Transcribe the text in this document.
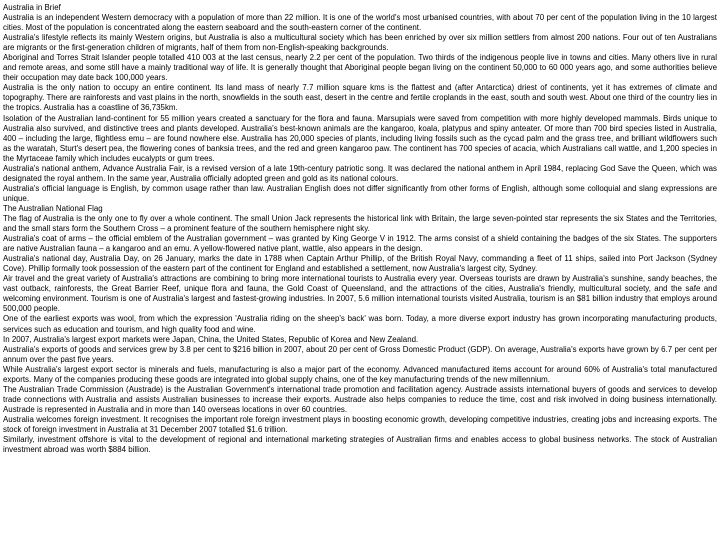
Australia in Brief

Australia is an independent Western democracy with a population of more than 22 million. It is one of the world's most urbanised countries, with about 70 per cent of the population living in the 10 largest cities. Most of the population is concentrated along the eastern seaboard and the south-eastern corner of the continent.

Australia's lifestyle reflects its mainly Western origins, but Australia is also a multicultural society which has been enriched by over six million settlers from almost 200 nations. Four out of ten Australians are migrants or the first-generation children of migrants, half of them from non-English-speaking backgrounds.

Aboriginal and Torres Strait Islander people totalled 410 003 at the last census, nearly 2.2 per cent of the population. Two thirds of the indigenous people live in towns and cities. Many others live in rural and remote areas, and some still have a mainly traditional way of life. It is generally thought that Aboriginal people began living on the continent 50,000 to 60 000 years ago, and some authorities believe their occupation may date back 100,000 years.

Australia is the only nation to occupy an entire continent. Its land mass of nearly 7.7 million square kms is the flattest and (after Antarctica) driest of continents, yet it has extremes of climate and topography. There are rainforests and vast plains in the north, snowfields in the south east, desert in the centre and fertile croplands in the east, south and south west. About one third of the country lies in the tropics. Australia has a coastline of 36,735km.

Isolation of the Australian land-continent for 55 million years created a sanctuary for the flora and fauna. Marsupials were saved from competition with more highly developed mammals. Birds unique to Australia also survived, and distinctive trees and plants developed. Australia's best-known animals are the kangaroo, koala, platypus and spiny anteater. Of more than 700 bird species listed in Australia, 400 – including the large, flightless emu – are found nowhere else. Australia has 20,000 species of plants, including living fossils such as the cycad palm and the grass tree, and brilliant wildflowers such as the waratah, Sturt's desert pea, the flowering cones of banksia trees, and the red and green kangaroo paw. The continent has 700 species of acacia, which Australians call wattle, and 1,200 species in the Myrtaceae family which includes eucalypts or gum trees.

Australia's national anthem, Advance Australia Fair, is a revised version of a late 19th-century patriotic song. It was declared the national anthem in April 1984, replacing God Save the Queen, which was designated the royal anthem. In the same year, Australia officially adopted green and gold as its national colours.

Australia's official language is English, by common usage rather than law. Australian English does not differ significantly from other forms of English, although some colloquial and slang expressions are unique.

The Australian National Flag

The flag of Australia is the only one to fly over a whole continent. The small Union Jack represents the historical link with Britain, the large seven-pointed star represents the six States and the Territories, and the small stars form the Southern Cross – a prominent feature of the southern hemisphere night sky.

Australia's coat of arms – the official emblem of the Australian government – was granted by King George V in 1912. The arms consist of a shield containing the badges of the six States. The supporters are native Australian fauna – a kangaroo and an emu. A yellow-flowered native plant, wattle, also appears in the design.

Australia's national day, Australia Day, on 26 January, marks the date in 1788 when Captain Arthur Phillip, of the British Royal Navy, commanding a fleet of 11 ships, sailed into Port Jackson (Sydney Cove). Phillip formally took possession of the eastern part of the continent for England and established a settlement, now Australia's largest city, Sydney.

Air travel and the great variety of Australia's attractions are combining to bring more international tourists to Australia every year. Overseas tourists are drawn by Australia's sunshine, sandy beaches, the vast outback, rainforests, the Great Barrier Reef, unique flora and fauna, the Gold Coast of Queensland, and the attractions of the cities, Australia's friendly, multicultural society, and the safe and welcoming environment. Tourism is one of Australia's largest and fastest-growing industries. In 2007, 5.6 million international tourists visited Australia, tourism is an $81 billion industry that employs around 500,000 people.

One of the earliest exports was wool, from which the expression 'Australia riding on the sheep's back' was born. Today, a more diverse export industry has grown incorporating manufacturing products, services such as education and tourism, and high quality food and wine.

In 2007, Australia's largest export markets were Japan, China, the United States, Republic of Korea and New Zealand.

Australia's exports of goods and services grew by 3.8 per cent to $216 billion in 2007, about 20 per cent of Gross Domestic Product (GDP). On average, Australia's exports have grown by 6.7 per cent per annum over the past five years.

While Australia's largest export sector is minerals and fuels, manufacturing is also a major part of the economy. Advanced manufactured items account for around 60% of Australia's total manufactured exports. Many of the companies producing these goods are integrated into global supply chains, one of the key manufacturing trends of the new millennium.

The Australian Trade Commission (Austrade) is the Australian Government's international trade promotion and facilitation agency. Austrade assists international buyers of goods and services to develop trade connections with Australia and assists Australian businesses to increase their exports. Austrade also helps companies to reduce the time, cost and risk involved in doing business internationally. Austrade is represented in Australia and in more than 140 overseas locations in over 60 countries.

Australia welcomes foreign investment. It recognises the important role foreign investment plays in boosting economic growth, developing competitive industries, creating jobs and increasing exports. The stock of foreign investment in Australia at 31 December 2007 totalled $1.6 trillion.

Similarly, investment offshore is vital to the development of regional and international marketing strategies of Australian firms and enables access to global business networks. The stock of Australian investment abroad was worth $884 billion.
